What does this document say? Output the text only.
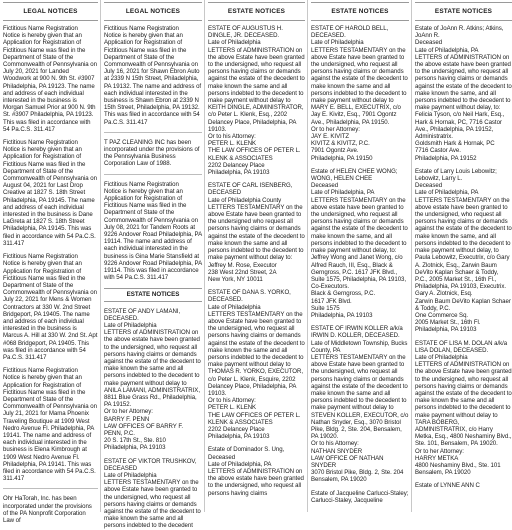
LEGAL NOTICES

Fictitious Name Registration
Notice is hereby given that an Application for Registration of Fictitious Name was filed in the Department of State of the Commonwealth of Pennsylvania on July 20, 2021 for Landed Woodwork at 900 N. 9th St. #3907 Philadelphia, PA 19123. The name and address of each individual interested in the business is Morgan Samuel Prior at 900 N. 9th St. #3907 Philadelphia, PA 19123. This was filed in accordance with 54 Pa.C.S. 311.417

Fictitious Name Registration
Notice is hereby given that an Application for Registration of Fictitious Name was filed in the Department of State of the Commonwealth of Pennsylvania on August 04, 2021 for Last Drop Creative at 1827 S. 18th Street Philadelphia, PA 19145. The name and address of each individual interested in the business is Dane LaGreta at 1827 S. 18th Street Philadelphia, PA 19145. This was filed in accordance with 54 Pa.C.S. 311.417

Fictitious Name Registration
Notice is hereby given that an Application for Registration of Fictitious Name was filed in the Department of State of the Commonwealth of Pennsylvania on July 22, 2021 for Mens & Women Contractors at 330 W. 2nd Street Bridgeport, PA 19405. The name and address of each individual interested in the business is Marcus A. Hill at 330 W. 2nd St. Apt #068 Bridgeport, PA 19405. This was filed in accordance with 54 Pa.C.S. 311.417

Fictitious Name Registration
Notice is hereby given that an Application for Registration of Fictitious Name was filed in the Department of State of the Commonwealth of Pennsylvania on July 21, 2021 for Mama Phoenix Traveling Boutique at 1909 West Nedro Avenue Fl. Philadelphia, PA 19141. The name and address of each individual interested in the business is Elena Kimbrough at 1909 West Nedro Avenue Fl. Philadelphia, PA 19141. This was filed in accordance with 54 Pa.C.S. 311.417

Ohr HaTorah, Inc. has been incorporated under the provisions of the PA Nonprofit Corporation Law of

LEGAL NOTICES

Fictitious Name Registration
Notice is hereby given that an Application for Registration of Fictitious Name was filed in the Department of State of the Commonwealth of Pennsylvania on July 16, 2021 for Shawn Ebron Auto at 2339 N 15th Street, Philadelphia, PA 19132. The name and address of each individual interested in the business is Shawn Ebron at 2339 N 15th Street, Philadelphia, PA 19132. This was filed in accordance with 54 Pa.C.S. 311.417

T PAZ CLEANING INC has been incorporated under the provisions of the Pennsylvania Business Corporation Law of 1988.

Fictitious Name Registration
Notice is hereby given that an Application for Registration of Fictitious Name was filed in the Department of State of the Commonwealth of Pennsylvania on July 08, 2021 for Tandem Roots at 9226 Andover Road Philadelphia, PA 19114. The name and address of each individual interested in the business is Gina Marie Stansfield at 9226 Andover Road Philadelphia, PA 19114. This was filed in accordance with 54 Pa.C.S. 311.417

ESTATE NOTICES

ESTATE OF ANDY LAMANI, DECEASED.
Late of Philadelphia
LETTERS of ADMINISTRATION on the above estate have been granted to the undersigned, who request all persons having claims or demands against the estate of the decedent to make known the same and all persons indebted to the decedent to make payment without delay to ANILA LAMANI, ADMINISTRATRIX, 8811 Blue Grass Rd., Philadelphia, PA 19152.
Or to her Attorney:
BARRY F. PENN
LAW OFFICES OF BARRY F. PENN, P.C.
20 S. 17th St., Ste. 810
Philadelphia, PA 19103

ESTATE OF VIKTOR TRUSHKOV, DECEASED
Late of Philadelphia
LETTERS TESTAMENTARY on the above Estate have been granted to the undersigned, who request all persons having claims or demands against the estate of the decedent to make known the same and all persons indebted to the decedent

ESTATE NOTICES

ESTATE OF AUGUSTUS H. DINGLE, JR. DECEASED.
Late of Philadelphia
LETTERS of ADMINISTRATION on the above Estate have been granted to the undersigned, who request all persons having claims or demands against the estate of the decedent to make known the same and all persons indebted to the decedent to make payment without delay to KEITH DINGLE, ADMINISTRATOR, c/o Peter L. Klenk, Esq., 2202 Delancey Place, Philadelphia, PA 19103.
Or to his Attorney:
PETER L. KLENK
THE LAW OFFICES OF PETER L. KLENK & ASSOCIATES
2202 Delancey Place
Philadelphia, PA 19103

ESTATE OF CARL ISENBERG, DECEASED
Late of Philadelphia County
LETTERS TESTAMENTARY on the above Estate have been granted to the undersigned who request all persons having claims or demands against the estate of the decedent to make known the same and all persons indebted to the decedent to make payment without delay to: Jeffrey M. Rose, Executor
238 West 22nd Street, 2A
New York, NY 10011

ESTATE OF DANA S. YORKO, DECEASED.
Late of Philadelphia
LETTERS TESTAMENTARY on the above Estate have been granted to the undersigned, who request all persons having claims or demands against the estate of the decedent to make known the same and all persons indebted to the decedent to make payment without delay to THOMAS R. YORKO, EXECUTOR, c/o Peter L. Klenk, Esquire, 2202 Delancey Place, Philadelphia, PA 19103.
Or to his Attorney:
PETER L. KLENK
THE LAW OFFICES OF PETER L. KLENK & ASSOCIATES
2202 Delancey Place
Philadelphia, PA 19103

Estate of Dominador S. Ung, Deceased
Late of Philadelphia, PA
LETTERS of ADMINISTRATION on the above estate have been granted to the undersigned, who request all persons having claims

ESTATE NOTICES

ESTATE OF HAROLD BELL, DECEASED.
Late of Philadelphia
LETTERS TESTAMENTARY on the above Estate have been granted to the undersigned, who request all persons having claims or demands against the estate of the decedent to make known the same and all persons indebted to the decedent to make payment without delay to MARY E. BELL, EXECUTRIX, c/o Jay E. Kivitz, Esq., 7901 Ogontz Ave., Philadelphia, PA 19150.
Or to her Attorney:
JAY E. KIVITZ
KIVITZ & KIVITZ, P.C.
7901 Ogontz Ave.
Philadelphia, PA 19150

Estate of HELEN CHEE WONG; WONG, HELEN CHEE
Deceased
Late of Philadelphia, PA
LETTERS TESTAMENTARY on the above estate have been granted to the undersigned, who request all persons having claims or demands against the estate of the decedent to make known the same, and all persons indebted to the decedent to make payment without delay, to: Jeffrey Wong and Janet Wong, c/o Alfred Rauch, III, Esq., Black & Gerngross, P.C. 1617 JFK Blvd., Suite 1575, Philadelphia, PA 19103, Co-Executors.
Black & Gerngross, P.C.
1617 JFK Blvd.
Suite 1575
Philadelphia, PA 19103

ESTATE OF IRWIN KOLLER a/k/a IRWIN D. KOLLER, DECEASED.
Late of Middletown Township, Bucks County, PA
LETTERS TESTAMENTARY on the above Estate have been granted to the undersigned, who request all persons having claims or demands against the estate of the decedent to make known the same and all persons indebted to the decedent to make payment without delay to STEVEN KOLLER, EXECUTOR, c/o Nathan Snyder, Esq., 3070 Bristol Pike, Bldg. 2, Ste. 204, Bensalem, PA 19020.
Or to his Attorney:
NATHAN SNYDER
LAW OFFICE OF NATHAN SNYDER
3070 Bristol Pike, Bldg. 2, Ste. 204
Bensalem, PA 19020

Estate of Jacqueline Carlucci-Staley; Carlucci-Staley, Jacqueline

ESTATE NOTICES

Estate of JoAnn R. Atkins; Atkins, JoAnn R.
Deceased
Late of Philadelphia, PA
LETTERS of ADMINISTRATION on the above estate have been granted to the undersigned, who request all persons having claims or demands against the estate of the decedent to make known the same, and all persons indebted to the decedent to make payment without delay, to: Felicia Tyson, c/o Neil Hark, Esq., Hark & Hornak, PC, 7716 Castor Ave., Philadelphia, PA 19152, Administratrix.
Goldsmith Hark & Hornak, PC
7716 Castor Ave.
Philadelphia, PA 19152

Estate of Larry Louis Lebowitz; Lebowitz, Larry L.
Deceased
Late of Philadelphia, PA
LETTERS TESTAMENTARY on the above estate have been granted to the undersigned, who request all persons having claims or demands against the estate of the decedent to make known the same, and all persons indebted to the decedent to make payment without delay, to Paula Lebowitz, Executrix, c/o Gary A. Zlotnick, Esq., Zarwin Baum DeVito Kaplan Schaer & Toddy, P.C., 2005 Market St., 16th Fl., Philadelphia, PA 19103, Executrix.
Gary A. Zlotnick, Esq.
Zarwin Baum DeVito Kaplan Schaer & Toddy, P.C.
One Commerce Sq.
2005 Market St., 16th Fl.
Philadelphia, PA 19103

ESTATE OF LISA M. DOLAN a/k/a LISA DOLAN, DECEASED.
Late of Philadelphia
LETTERS of ADMINISTRATION on the above Estate have been granted to the undersigned, who request all persons having claims or demands against the estate of the decedent to make known the same and all persons indebted to the decedent to make payment without delay to TARA BOBERG, ADMINISTRATRIX, c/o Harry Metka, Esq., 4800 Neshaminy Blvd., Ste. 101, Bensalem, PA 19020.
Or to her Attorney:
HARRY METKA
4800 Neshaminy Blvd., Ste. 101
Bensalem, PA 19020

Estate of LYNNE ANN C
